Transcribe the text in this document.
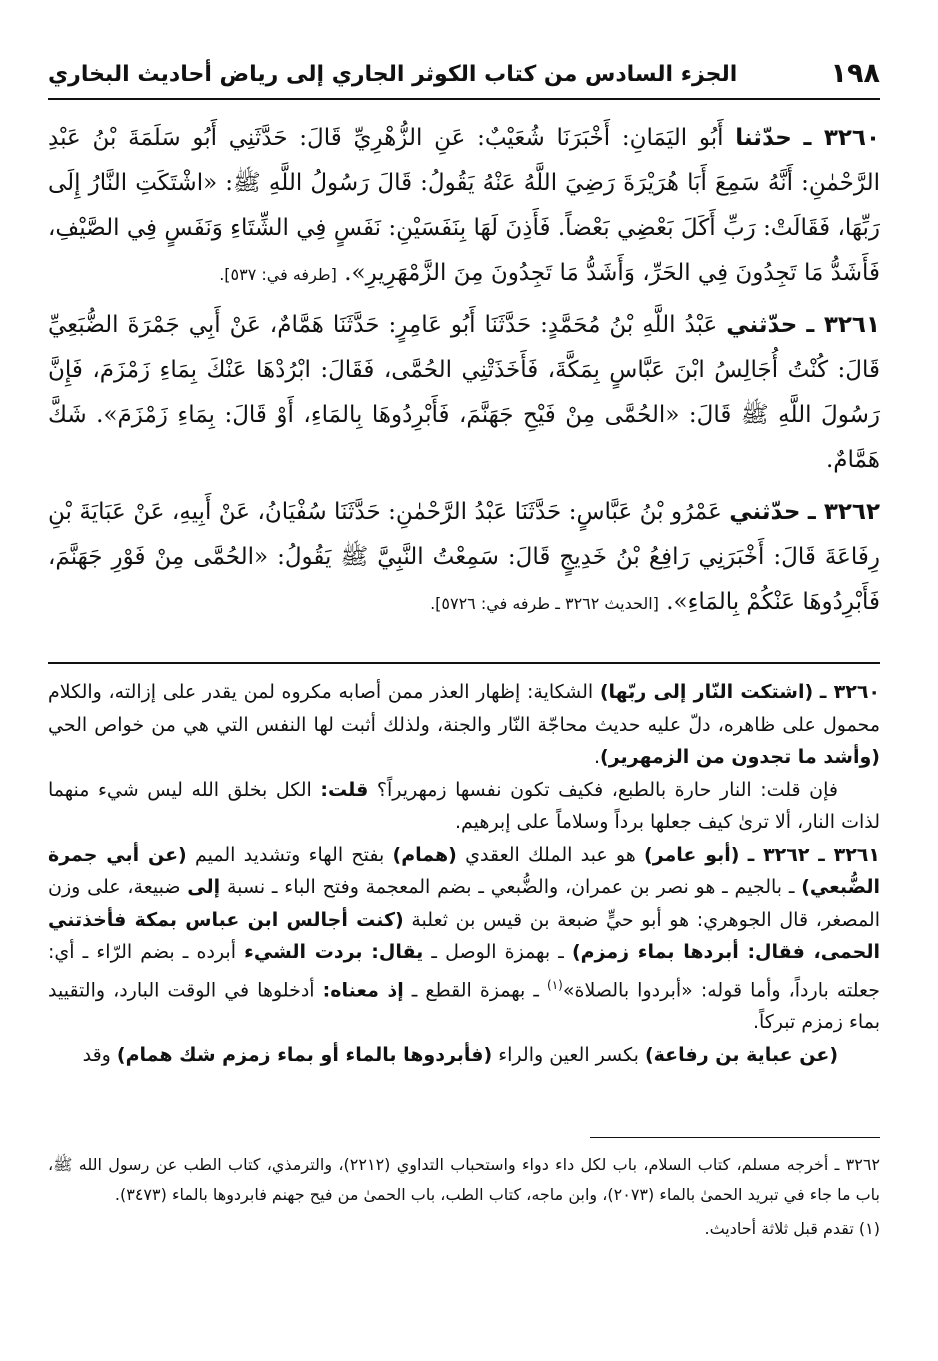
الجزء السادس من كتاب الكوثر الجاري إلى رياض أحاديث البخاري	١٩٨

٣٢٦٠ ـ حدّثنا أَبُو اليَمَانِ: أَخْبَرَنَا شُعَيْبٌ: عَنِ الزُّهْرِيِّ قَالَ: حَدَّثَنِي أَبُو سَلَمَةَ بْنُ عَبْدِ الرَّحْمٰنِ: أَنَّهُ سَمِعَ أَبَا هُرَيْرَةَ رَضِيَ اللَّهُ عَنْهُ يَقُولُ: قَالَ رَسُولُ اللَّهِ ﷺ: «اشْتَكَتِ النَّارُ إِلَى رَبِّهَا، فَقَالَتْ: رَبِّ أَكَلَ بَعْضِي بَعْضاً. فَأَذِنَ لَهَا بِنَفَسَيْنِ: نَفَسٍ فِي الشِّتَاءِ وَنَفَسٍ فِي الصَّيْفِ، فَأَشَدُّ مَا تَجِدُونَ فِي الحَرِّ، وَأَشَدُّ مَا تَجِدُونَ مِنَ الزَّمْهَرِيرِ». [طرفه في: ٥٣٧].

٣٢٦١ ـ حدّثني عَبْدُ اللَّهِ بْنُ مُحَمَّدٍ: حَدَّثَنَا أَبُو عَامِرٍ: حَدَّثَنَا هَمَّامٌ، عَنْ أَبِي جَمْرَةَ الضُّبَعِيِّ قَالَ: كُنْتُ أُجَالِسُ ابْنَ عَبَّاسٍ بِمَكَّةَ، فَأَخَذَتْنِي الحُمَّى، فَقَالَ: ابْرُدْهَا عَنْكَ بِمَاءِ زَمْزَمَ، فَإِنَّ رَسُولَ اللَّهِ ﷺ قَالَ: «الحُمَّى مِنْ فَيْحِ جَهَنَّمَ، فَأَبْرِدُوهَا بِالمَاءِ، أَوْ قَالَ: بِمَاءِ زَمْزَمَ». شَكَّ هَمَّامٌ.

٣٢٦٢ ـ حدّثني عَمْرُو بْنُ عَبَّاسٍ: حَدَّثَنَا عَبْدُ الرَّحْمٰنِ: حَدَّثَنَا سُفْيَانُ، عَنْ أَبِيهِ، عَنْ عَبَايَةَ بْنِ رِفَاعَةَ قَالَ: أَخْبَرَنِي رَافِعُ بْنُ خَدِيجٍ قَالَ: سَمِعْتُ النَّبِيَّ ﷺ يَقُولُ: «الحُمَّى مِنْ فَوْرِ جَهَنَّمَ، فَأَبْرِدُوهَا عَنْكُمْ بِالمَاءِ». [الحديث ٣٢٦٢ ـ طرفه في: ٥٧٢٦].

٣٢٦٠ ـ (اشتكت النّار إلى ربّها) الشكاية: إظهار العذر ممن أصابه مكروه لمن يقدر على إزالته، والكلام محمول على ظاهره، دلّ عليه حديث محاجّة النّار والجنة، ولذلك أثبت لها النفس التي هي من خواص الحي (وأشد ما تجدون من الزمهرير).

فإن قلت: النار حارة بالطبع، فكيف تكون نفسها زمهريراً؟ قلت: الكل بخلق الله ليس شيء منهما لذات النار، ألا ترىٰ كيف جعلها برداً وسلاماً على إبرهيم.

٣٢٦١ ـ ٣٢٦٢ ـ (أبو عامر) هو عبد الملك العقدي (همام) بفتح الهاء وتشديد الميم (عن أبي جمرة الضُّبعي) ـ بالجيم ـ هو نصر بن عمران، والضُّبعي ـ بضم المعجمة وفتح الباء ـ نسبة إلى ضبيعة، على وزن المصغر، قال الجوهري: هو أبو حيٍّ ضبعة بن قيس بن ثعلبة (كنت أجالس ابن عباس بمكة فأخذتني الحمى، فقال: أبردها بماء زمزم) ـ بهمزة الوصل ـ يقال: بردت الشيء أبرده ـ بضم الرّاء ـ أي: جعلته بارداً، وأما قوله: «أبردوا بالصلاة»$^{(١)}$ ـ بهمزة القطع ـ إذ معناه: أدخلوها في الوقت البارد، والتقييد بماء زمزم تبركاً.

(عن عباية بن رفاعة) بكسر العين والراء (فأبردوها بالماء أو بماء زمزم شك همام) وقد

٣٢٦٢ ـ أخرجه مسلم، كتاب السلام، باب لكل داء دواء واستحباب التداوي (٢٢١٢)، والترمذي، كتاب الطب عن رسول الله ﷺ، باب ما جاء في تبريد الحمىٰ بالماء (٢٠٧٣)، وابن ماجه، كتاب الطب، باب الحمىٰ من فيح جهنم فابردوها بالماء (٣٤٧٣).

(١) تقدم قبل ثلاثة أحاديث.
